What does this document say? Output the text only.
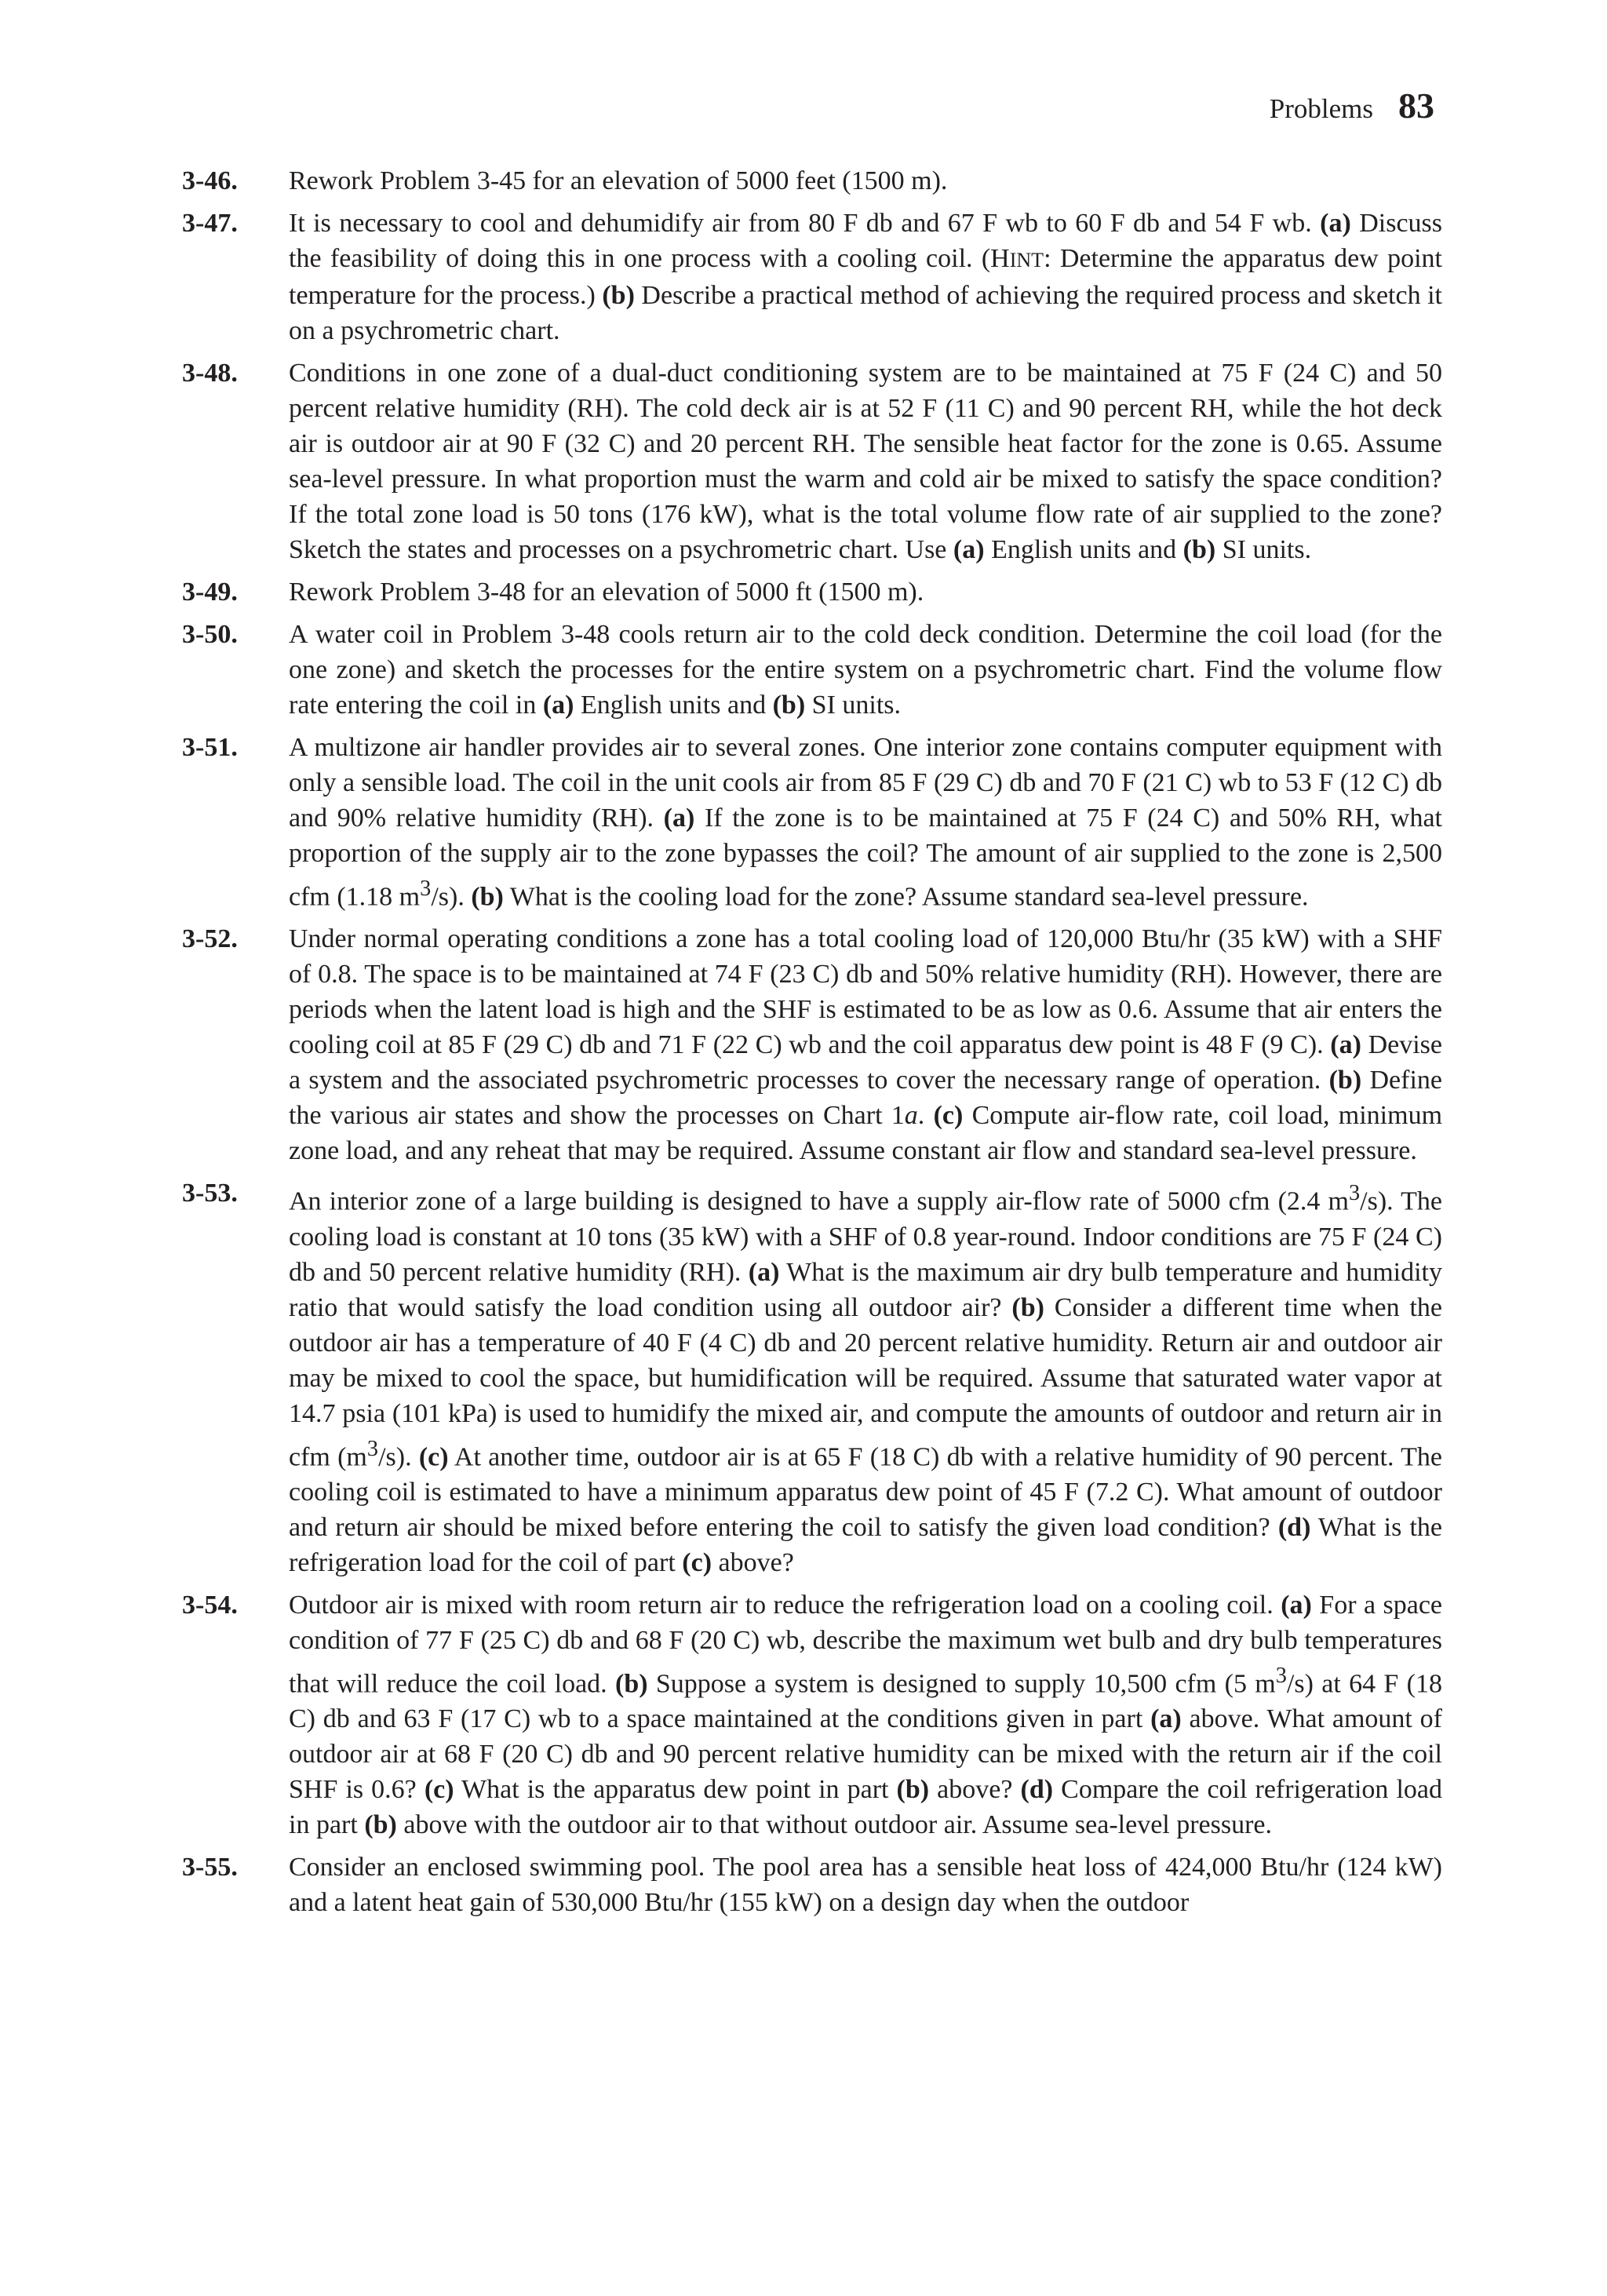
Problems 83
3-46.	Rework Problem 3-45 for an elevation of 5000 feet (1500 m).
3-47.	It is necessary to cool and dehumidify air from 80 F db and 67 F wb to 60 F db and 54 F wb. (a) Discuss the feasibility of doing this in one process with a cooling coil. (HINT: Determine the apparatus dew point temperature for the process.) (b) Describe a practical method of achieving the required process and sketch it on a psychrometric chart.
3-48.	Conditions in one zone of a dual-duct conditioning system are to be maintained at 75 F (24 C) and 50 percent relative humidity (RH). The cold deck air is at 52 F (11 C) and 90 percent RH, while the hot deck air is outdoor air at 90 F (32 C) and 20 percent RH. The sensible heat factor for the zone is 0.65. Assume sea-level pressure. In what proportion must the warm and cold air be mixed to satisfy the space condition? If the total zone load is 50 tons (176 kW), what is the total volume flow rate of air supplied to the zone? Sketch the states and processes on a psychrometric chart. Use (a) English units and (b) SI units.
3-49.	Rework Problem 3-48 for an elevation of 5000 ft (1500 m).
3-50.	A water coil in Problem 3-48 cools return air to the cold deck condition. Determine the coil load (for the one zone) and sketch the processes for the entire system on a psychrometric chart. Find the volume flow rate entering the coil in (a) English units and (b) SI units.
3-51.	A multizone air handler provides air to several zones. One interior zone contains computer equipment with only a sensible load. The coil in the unit cools air from 85 F (29 C) db and 70 F (21 C) wb to 53 F (12 C) db and 90% relative humidity (RH). (a) If the zone is to be maintained at 75 F (24 C) and 50% RH, what proportion of the supply air to the zone bypasses the coil? The amount of air supplied to the zone is 2,500 cfm (1.18 $m^3/s$). (b) What is the cooling load for the zone? Assume standard sea-level pressure.
3-52.	Under normal operating conditions a zone has a total cooling load of 120,000 Btu/hr (35 kW) with a SHF of 0.8. The space is to be maintained at 74 F (23 C) db and 50% relative humidity (RH). However, there are periods when the latent load is high and the SHF is estimated to be as low as 0.6. Assume that air enters the cooling coil at 85 F (29 C) db and 71 F (22 C) wb and the coil apparatus dew point is 48 F (9 C). (a) Devise a system and the associated psychrometric processes to cover the necessary range of operation. (b) Define the various air states and show the processes on Chart 1a. (c) Compute air-flow rate, coil load, minimum zone load, and any reheat that may be required. Assume constant air flow and standard sea-level pressure.
3-53.	An interior zone of a large building is designed to have a supply air-flow rate of 5000 cfm (2.4 $m^3/s$). The cooling load is constant at 10 tons (35 kW) with a SHF of 0.8 year-round. Indoor conditions are 75 F (24 C) db and 50 percent relative humidity (RH). (a) What is the maximum air dry bulb temperature and humidity ratio that would satisfy the load condition using all outdoor air? (b) Consider a different time when the outdoor air has a temperature of 40 F (4 C) db and 20 percent relative humidity. Return air and outdoor air may be mixed to cool the space, but humidification will be required. Assume that saturated water vapor at 14.7 psia (101 kPa) is used to humidify the mixed air, and compute the amounts of outdoor and return air in cfm $(m^3/s)$. (c) At another time, outdoor air is at 65 F (18 C) db with a relative humidity of 90 percent. The cooling coil is estimated to have a minimum apparatus dew point of 45 F (7.2 C). What amount of outdoor and return air should be mixed before entering the coil to satisfy the given load condition? (d) What is the refrigeration load for the coil of part (c) above?
3-54.	Outdoor air is mixed with room return air to reduce the refrigeration load on a cooling coil. (a) For a space condition of 77 F (25 C) db and 68 F (20 C) wb, describe the maximum wet bulb and dry bulb temperatures that will reduce the coil load. (b) Suppose a system is designed to supply 10,500 cfm (5 $m^3/s$) at 64 F (18 C) db and 63 F (17 C) wb to a space maintained at the conditions given in part (a) above. What amount of outdoor air at 68 F (20 C) db and 90 percent relative humidity can be mixed with the return air if the coil SHF is 0.6? (c) What is the apparatus dew point in part (b) above? (d) Compare the coil refrigeration load in part (b) above with the outdoor air to that without outdoor air. Assume sea-level pressure.
3-55.	Consider an enclosed swimming pool. The pool area has a sensible heat loss of 424,000 Btu/hr (124 kW) and a latent heat gain of 530,000 Btu/hr (155 kW) on a design day when the outdoor
